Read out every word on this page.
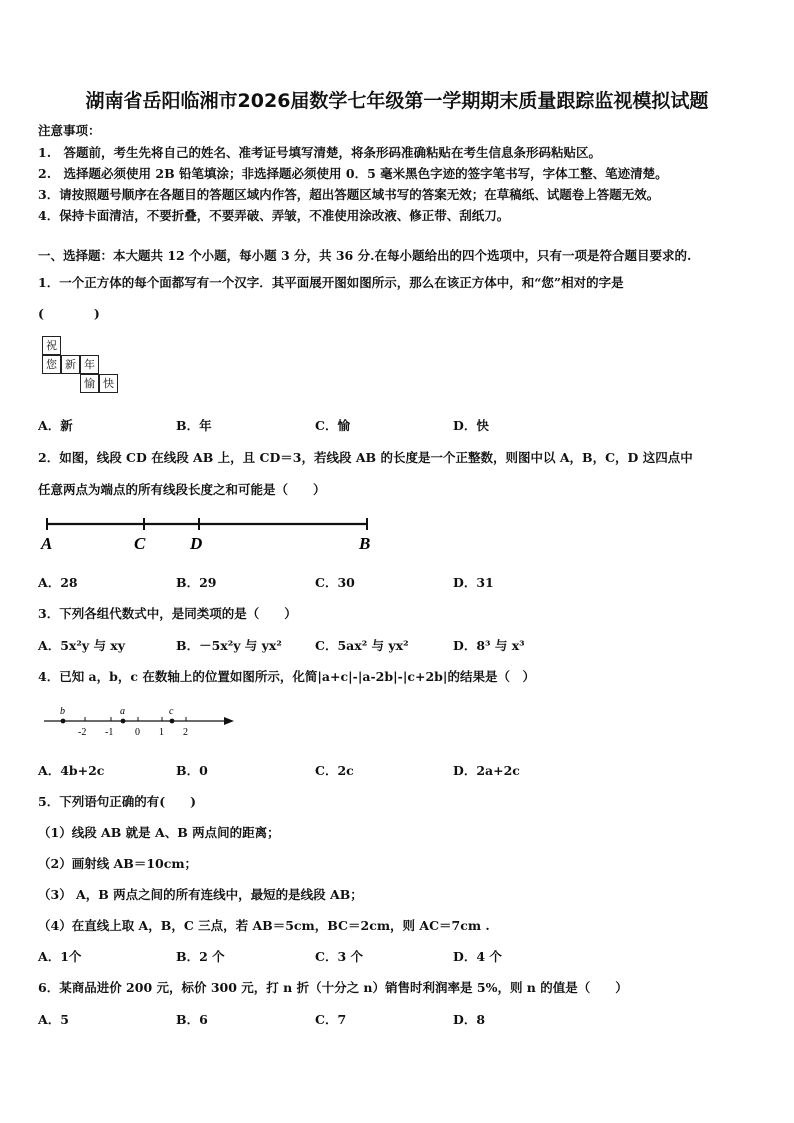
湖南省岳阳临湘市2026届数学七年级第一学期期末质量跟踪监视模拟试题
注意事项：
1.　答题前，考生先将自己的姓名、准考证号填写清楚，将条形码准确粘贴在考生信息条形码粘贴区。
2.　选择题必须使用 2B 铅笔填涂；非选择题必须使用 0．5 毫米黑色字迹的签字笔书写，字体工整、笔迹清楚。
3．请按照题号顺序在各题目的答题区域内作答，超出答题区域书写的答案无效；在草稿纸、试题卷上答题无效。
4．保持卡面清洁，不要折叠，不要弄破、弄皱，不准使用涂改液、修正带、刮纸刀。
一、选择题：本大题共 12 个小题，每小题 3 分，共 36 分.在每小题给出的四个选项中，只有一项是符合题目要求的.
1．一个正方体的每个面都写有一个汉字．其平面展开图如图所示，那么在该正方体中，和“您”相对的字是
(　　　　)
祝
您 新 年
愉 快
A．新	B．年	C．愉	D．快
2．如图，线段 CD 在线段 AB 上，且 CD＝3，若线段 AB 的长度是一个正整数，则图中以 A，B，C，D 这四点中
任意两点为端点的所有线段长度之和可能是（　　）
A	C	D	B
A．28	B．29	C．30	D．31
3．下列各组代数式中，是同类项的是（　　）
A．5x²y 与 xy	B．－5x²y 与 yx²	C．5ax² 与 yx²	D．8³ 与 x³
4．已知 a，b，c 在数轴上的位置如图所示，化简|a+c|-|a-2b|-|c+2b|的结果是（　）
b	a	c
-2 -1 0 1 2
A．4b+2c	B．0	C．2c	D．2a+2c
5．下列语句正确的有(　　)
（1）线段 AB 就是 A、B 两点间的距离；
（2）画射线 AB＝10cm；
（3） A，B 两点之间的所有连线中，最短的是线段 AB；
（4）在直线上取 A，B，C 三点，若 AB＝5cm，BC＝2cm，则 AC＝7cm .
A．1个	B．2 个	C．3 个	D．4 个
6．某商品进价 200 元，标价 300 元，打 n 折（十分之 n）销售时利润率是 5%，则 n 的值是（　　）
A．5	B．6	C．7	D．8
